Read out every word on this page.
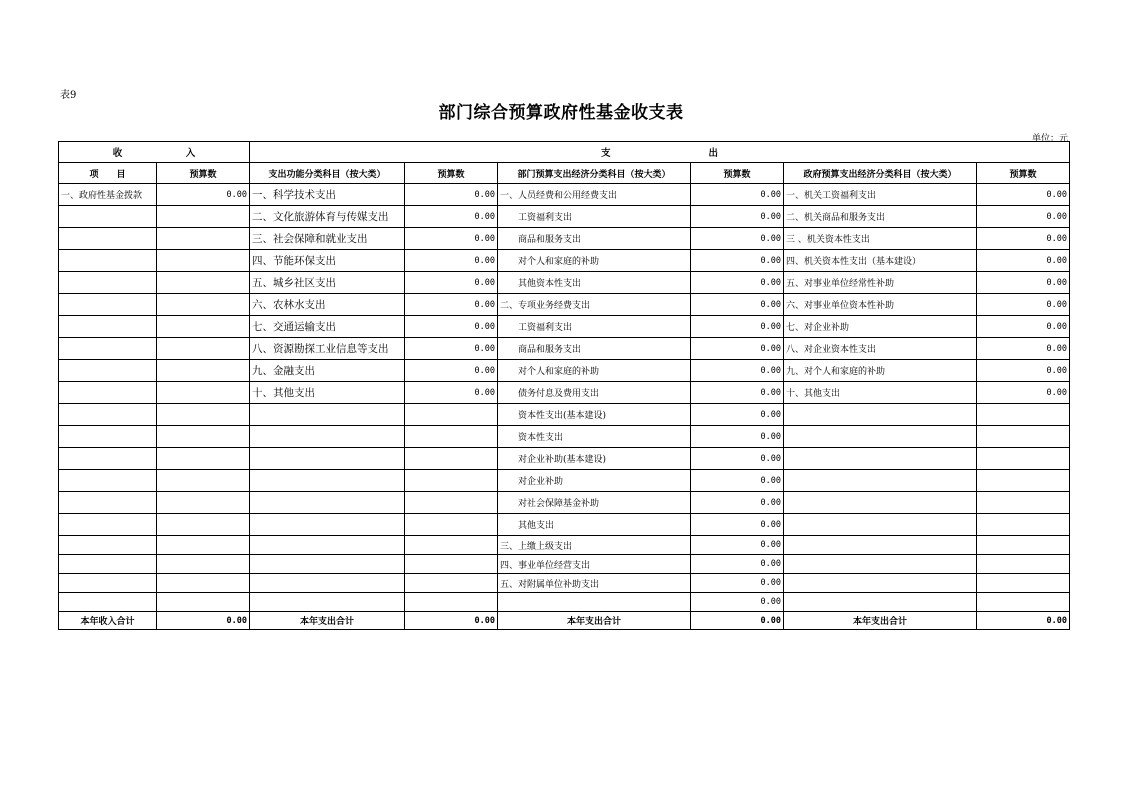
表9
部门综合预算政府性基金收支表
单位：元
收 入		支 出					

项　　目	预算数	支出功能分类科目（按大类）	预算数	部门预算支出经济分类科目（按大类）	预算数	政府预算支出经济分类科目（按大类）	预算数
一、政府性基金拨款	0.00	一、科学技术支出	0.00	一、人员经费和公用经费支出	0.00	一、机关工资福利支出	0.00
		二、文化旅游体育与传媒支出	0.00	工资福利支出	0.00	二、机关商品和服务支出	0.00
		三、社会保障和就业支出	0.00	商品和服务支出	0.00	三 、机关资本性支出	0.00
		四、节能环保支出	0.00	对个人和家庭的补助	0.00	四、机关资本性支出（基本建设）	0.00
		五、城乡社区支出	0.00	其他资本性支出	0.00	五、对事业单位经常性补助	0.00
		六、农林水支出	0.00	二、专项业务经费支出	0.00	六、对事业单位资本性补助	0.00
		七、交通运输支出	0.00	工资福利支出	0.00	七、对企业补助	0.00
		八、资源勘探工业信息等支出	0.00	商品和服务支出	0.00	八、对企业资本性支出	0.00
		九、金融支出	0.00	对个人和家庭的补助	0.00	九、对个人和家庭的补助	0.00
		十、其他支出	0.00	债务付息及费用支出	0.00	十、其他支出	0.00
				资本性支出(基本建设)	0.00		
				资本性支出	0.00		
				对企业补助(基本建设)	0.00		
				对企业补助	0.00		
				对社会保障基金补助	0.00		
				其他支出	0.00		
				三、上缴上级支出	0.00		
				四、事业单位经营支出	0.00		
				五、对附属单位补助支出	0.00		
					0.00		
本年收入合计	0.00	本年支出合计	0.00	本年支出合计	0.00	本年支出合计	0.00
